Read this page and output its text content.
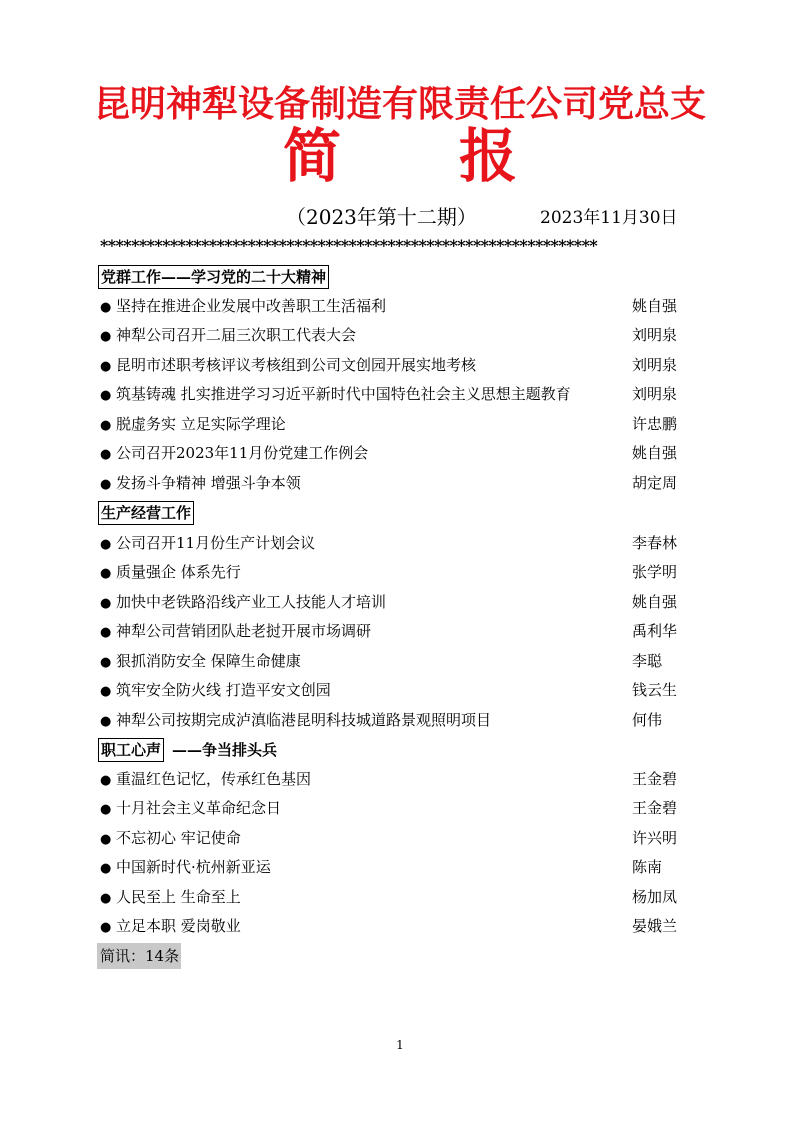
昆明神犁设备制造有限责任公司党总支
简 报
（2023年第十二期）	2023年11月30日
****************************************************************
党群工作——学习党的二十大精神
● 坚持在推进企业发展中改善职工生活福利	姚自强
● 神犁公司召开二届三次职工代表大会	刘明泉
● 昆明市述职考核评议考核组到公司文创园开展实地考核	刘明泉
● 筑基铸魂 扎实推进学习习近平新时代中国特色社会主义思想主题教育	刘明泉
● 脱虚务实 立足实际学理论	许忠鹏
● 公司召开2023年11月份党建工作例会	姚自强
● 发扬斗争精神 增强斗争本领	胡定周
生产经营工作
● 公司召开11月份生产计划会议	李春林
● 质量强企 体系先行	张学明
● 加快中老铁路沿线产业工人技能人才培训	姚自强
● 神犁公司营销团队赴老挝开展市场调研	禹利华
● 狠抓消防安全 保障生命健康	李聪
● 筑牢安全防火线 打造平安文创园	钱云生
● 神犁公司按期完成泸滇临港昆明科技城道路景观照明项目	何伟
职工心声 ——争当排头兵
● 重温红色记忆，传承红色基因	王金碧
● 十月社会主义革命纪念日	王金碧
● 不忘初心 牢记使命	许兴明
● 中国新时代·杭州新亚运	陈南
● 人民至上 生命至上	杨加凤
● 立足本职 爱岗敬业	晏娥兰
简讯：14条
1
